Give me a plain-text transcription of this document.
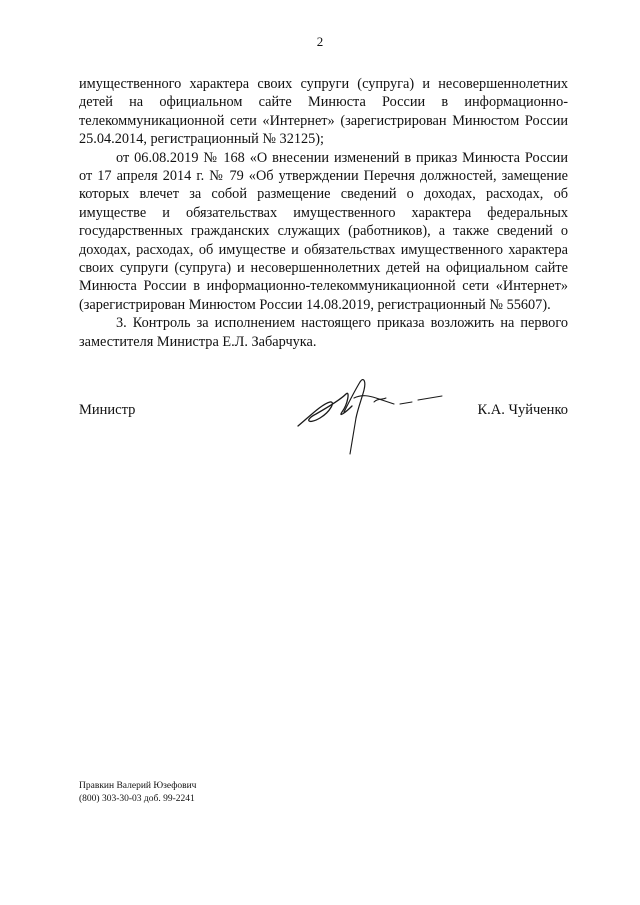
2

имущественного характера своих супруги (супруга) и несовершеннолетних детей на официальном сайте Минюста России в информационно-телекоммуникационной сети «Интернет» (зарегистрирован Минюстом России 25.04.2014, регистрационный № 32125);

от 06.08.2019 № 168 «О внесении изменений в приказ Минюста России от 17 апреля 2014 г. № 79 «Об утверждении Перечня должностей, замещение которых влечет за собой размещение сведений о доходах, расходах, об имуществе и обязательствах имущественного характера федеральных государственных гражданских служащих (работников), а также сведений о доходах, расходах, об имуществе и обязательствах имущественного характера своих супруги (супруга) и несовершеннолетних детей на официальном сайте Минюста России в информационно-телекоммуникационной сети «Интернет» (зарегистрирован Минюстом России 14.08.2019, регистрационный № 55607).

3. Контроль за исполнением настоящего приказа возложить на первого заместителя Министра Е.Л. Забарчука.

Министр	К.А. Чуйченко
Правкин Валерий Юзефович
(800) 303-30-03 доб. 99-2241
